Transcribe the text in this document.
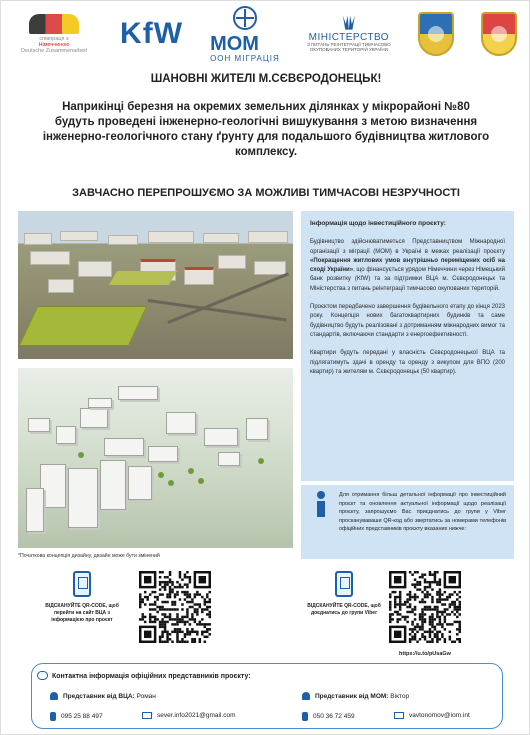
співпраця з
Німеччиною
Deutsche Zusammenarbeit
KfW МОМ
ООН МІГРАЦІЯ
МІНІСТЕРСТВО
З ПИТАНЬ РЕІНТЕГРАЦІЇ ТИМЧАСОВО ОКУПОВАНИХ ТЕРИТОРІЙ УКРАЇНИ
ШАНОВНІ ЖИТЕЛІ М.СЄВЄРОДОНЕЦЬК!
Наприкінці березня на окремих земельних ділянках у мікрорайоні №80 будуть проведені інженерно-геологічні вишукування з метою визначення інженерно-геологічного стану ґрунту для подальшого будівництва житлового комплексу.
ЗАВЧАСНО ПЕРЕПРОШУЄМО ЗА МОЖЛИВІ ТИМЧАСОВІ НЕЗРУЧНОСТІ
*Початкова концепція дизайну, дизайн може бути змінений
Інформація щодо інвестиційного проєкту:

Будівництво здійснюватиметься Представництвом Міжнародної організації з міграції (МОМ) в Україні в межах реалізації проєкту «Покращення житлових умов внутрішньо переміщених осіб на сході України», що фінансується урядом Німеччини через Німецький банк розвитку (KfW) та за підтримки ВЦА м. Сєвєродонецьк та Міністерства з питань реінтеграції тимчасово окупованих територій.

Проєктом передбачено завершення будівельного етапу до кінця 2023 року. Концепція нових багатоквартирних будинків та саме будівництво будуть реалізовані з дотриманням міжнародних вимог та стандартів, включаючи стандарти з енергоефективності.

Квартири будуть передані у власність Сєвєродонецької ВЦА та підлягатимуть здачі в оренду та оренду з викупом для ВПО (200 квартир) та жителям м. Сєвєродонецьк (50 квартир).

Для отримання більш детальної інформації про інвестиційний проєкт та оновлення актуальної інформації щодо реалізації проєкту, запрошуємо Вас приєднатись до групи у Viber проскануваваши QR-код або звертатись за номерами телефонів офіційних представників проєкту вказаних нижче:
ВІДСКАНУЙТЕ QR-CODE, щоб перейти на сайт ВЦА з інформацією про проєкт
ВІДСКАНУЙТЕ QR-CODE, щоб доєднатись до групи Viber
https://u.to/pUsaGw
Контактна інформація офіційних представників проєкту:
Представник від ВЦА: Роман
095 25 88 497	sever.info2021@gmail.com
Представник від МОМ: Віктор
050 36 72 459	vavtonomov@iom.int
